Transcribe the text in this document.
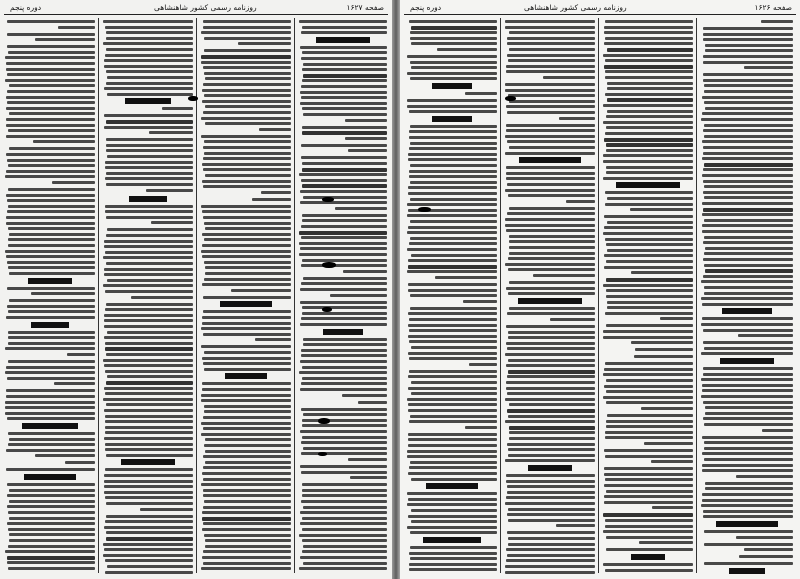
صفحه ۱۶۲۷
روزنامه رسمی کشور شاهنشاهی
دوره پنجم	صفحه ۱۶۲۶
روزنامه رسمی کشور شاهنشاهی
دوره پنجم
